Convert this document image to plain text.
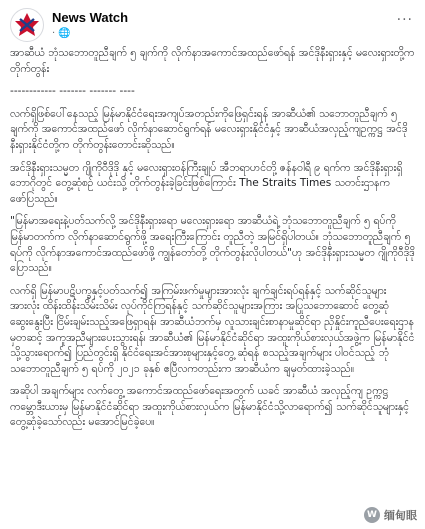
News Watch
· 🌐
···

အာဆီယံ ဘုံသဘောတူညီချက် ၅ ချက်ကို လိုက်နာအကောင်အထည်ဖော်ရန် အင်ဒိုနီးရှားနှင့် မလေးရှားတို့က တိုက်တွန်း

------------ ------- ------- ----

လက်ရှိဖြစ်ပေါ်နေသည့် မြန်မာနိုင်ငံရေးအကျပ်အတည်းကိုဖြေရှင်းရန် အာဆီယံ၏ သဘောတူညီချက် ၅ ချက်ကို အကောင်အထည်ဖော် လိုက်နာဆောင်ရွက်ရန် မလေးရှားနိုင်ငံနှင့် အာဆီယံအလှည့်ကျဥက္ကဋ္ဌ အင်ဒိုနီးရှားနိုင်ငံတို့က တိုက်တွန်းတောင်းဆိုသည်။

အင်ဒိုနီးရှားသမ္မတ ဂျိုကိုဝီဒိုဒို နှင့် မလေးရှားဝန်ကြီးချုပ် အီဘရာဟင်တို့ ဇန်နဝါရီ ၉ ရက်က အင်ဒိုနီးရှားရှိဘောဂိုတွင် တွေ့ဆုံစဥ် ယင်းသို့ တိုက်တွန်းခဲ့ခြင်းဖြစ်ကြောင်း The Straits Times သတင်းဌာနက ဖော်ပြသည်။

"မြန်မာအရေးနဲ့ပတ်သက်လို့ အင်ဒိုနီးရှားရော မလေးရှားရော အာဆီယံရဲ့ ဘုံသဘောတူညီချက် ၅ ရပ်ကို မြန်မာတက်က လိုက်နာဆောင်ရွက်ဖို့ အရေးကြီးကြောင်း တူညီတဲ့ အမြင်ရှိပါတယ်။ ဘုံသဘောတူညီချက် ၅ ရပ်ကို လိုက်နာအကောင်အထည်ဖော်ဖို့ ကျွန်တော်တို့ တိုက်တွန်းလိုပါတယ်"ဟု အင်ဒိုနီးရှားသမ္မတ ဂျိုကိုဝီဒိုဒို ပြောသည်။

လက်ရှိ မြန်မာပဋိပက္ခနှင့်ပတ်သက်၍ အကြမ်းဖက်မှုများအားလုံး ချက်ချင်းရပ်ရန်နှင့် သက်ဆိုင်သူများအားလုံး ထိန်းထိန်းသိမ်းသိမ်း လုပ်ကိုင်ကြရန်နှင့် သက်ဆိုင်သူများအကြား အပြုသဘောဆောင် တွေ့ဆုံဆွေးနွေးပြီး ငြိမ်းချမ်းသည့်အဖြေရှာရန်၊ အာဆီယံဘက်မှ လူသားချင်းစာနာမှုဆိုင်ရာ ညှိနှိုင်းကူညီပေးရေးဌာနမှတဆင့် အကူအညီများပေးသွားရန်၊ အာဆီယံ၏ မြန်မာနိုင်ငံဆိုင်ရာ အထူးကိုယ်စားလှယ်အဖွဲ့က မြန်မာနိုင်ငံသို့သွားရောက်၍ ပြည်တွင်းရှိ နိုင်ငံရေးအင်အားစုများနှင့်တွေ့ ဆုံရန် စသည့်အချက်များ ပါဝင်သည့် ဘုံသဘောတူညီချက် ၅ ရပ်ကို ၂၀၂၁ ခုနှစ် ဧပြီလကတည်းက အာဆီယံက ချမှတ်ထားခဲ့သည်။

အဆိုပါ အချက်များ လက်တွေ့ အကောင်အထည်ဖော်ရေးအတွက် ယခင် အာဆီယံ အလှည့်ကျ ဥက္ကဋ္ဌ ကမ္ဘောဒီးယားမှ မြန်မာနိုင်ငံဆိုင်ရာ အထူးကိုယ်စားလှယ်က မြန်မာနိုင်ငံသို့လာရောက်၍ သက်ဆိုင်သူများနှင့် တွေ့ဆုံခဲ့သော်လည်း မအောင်မြင်ခဲ့ပေ။

W 缅甸眼
